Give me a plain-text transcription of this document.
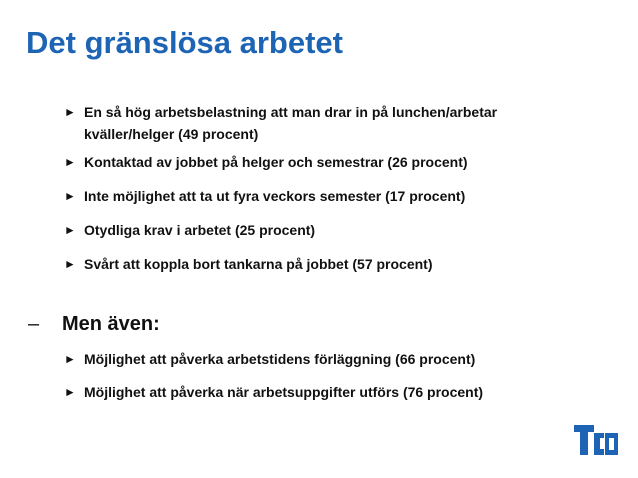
Det gränslösa arbetet
► En så hög arbetsbelastning att man drar in på lunchen/arbetar kväller/helger (49 procent)
► Kontaktad av jobbet på helger och semestrar (26 procent)
► Inte möjlighet att ta ut fyra veckors semester (17 procent)
► Otydliga krav i arbetet (25 procent)
► Svårt att koppla bort tankarna på jobbet (57 procent)
– Men även:
► Möjlighet att påverka arbetstidens förläggning (66 procent)
► Möjlighet att påverka när arbetsuppgifter utförs (76 procent)
